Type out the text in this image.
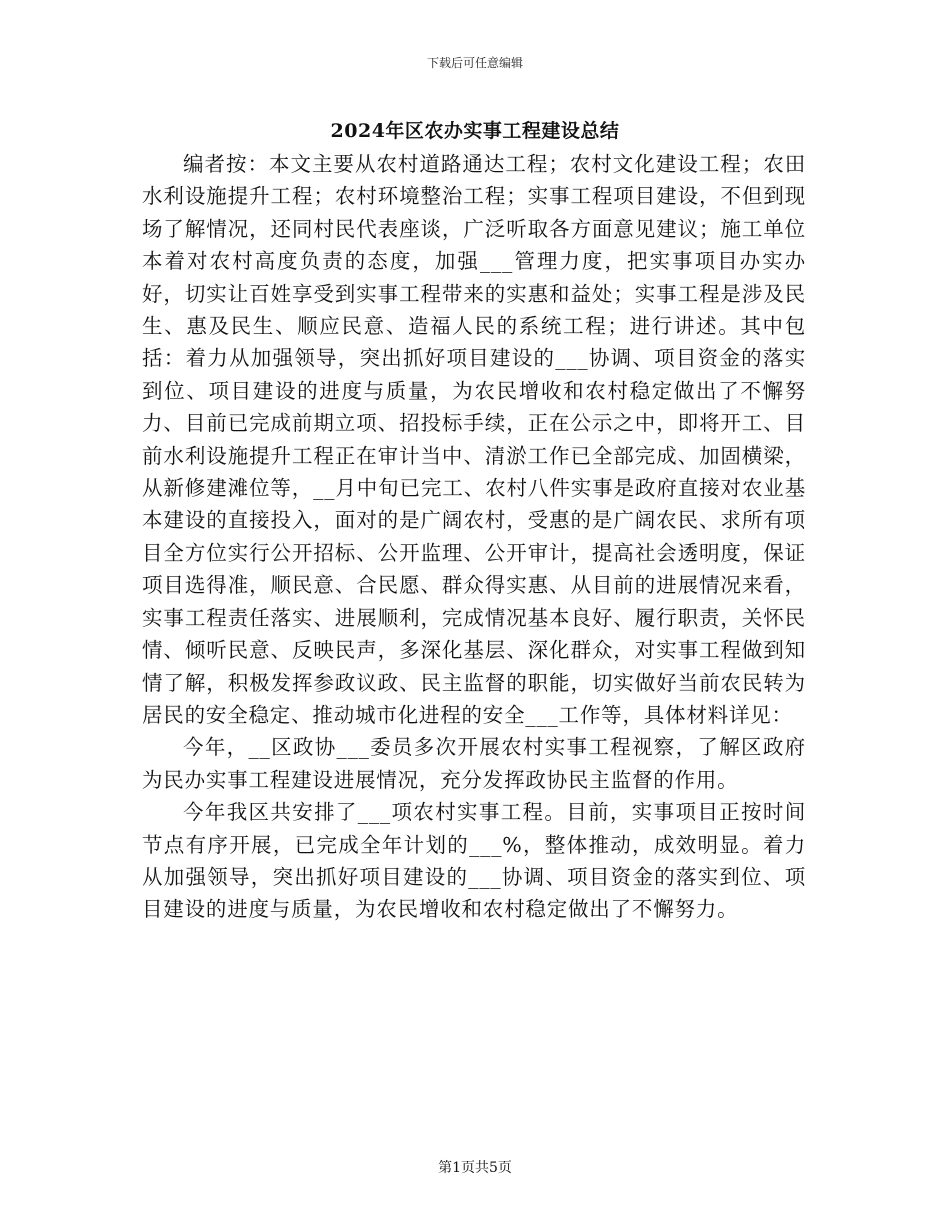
下载后可任意编辑
2024年区农办实事工程建设总结

编者按：本文主要从农村道路通达工程；农村文化建设工程；农田水利设施提升工程；农村环境整治工程；实事工程项目建设，不但到现场了解情况，还同村民代表座谈，广泛听取各方面意见建议；施工单位本着对农村高度负责的态度，加强___管理力度，把实事项目办实办好，切实让百姓享受到实事工程带来的实惠和益处；实事工程是涉及民生、惠及民生、顺应民意、造福人民的系统工程；进行讲述。其中包括：着力从加强领导，突出抓好项目建设的___协调、项目资金的落实到位、项目建设的进度与质量，为农民增收和农村稳定做出了不懈努力、目前已完成前期立项、招投标手续，正在公示之中，即将开工、目前水利设施提升工程正在审计当中、清淤工作已全部完成、加固横梁，从新修建滩位等，__月中旬已完工、农村八件实事是政府直接对农业基本建设的直接投入，面对的是广阔农村，受惠的是广阔农民、求所有项目全方位实行公开招标、公开监理、公开审计，提高社会透明度，保证项目选得准，顺民意、合民愿、群众得实惠、从目前的进展情况来看，实事工程责任落实、进展顺利，完成情况基本良好、履行职责，关怀民情、倾听民意、反映民声，多深化基层、深化群众，对实事工程做到知情了解，积极发挥参政议政、民主监督的职能，切实做好当前农民转为居民的安全稳定、推动城市化进程的安全___工作等，具体材料详见：

今年，__区政协___委员多次开展农村实事工程视察，了解区政府为民办实事工程建设进展情况，充分发挥政协民主监督的作用。

今年我区共安排了___项农村实事工程。目前，实事项目正按时间节点有序开展，已完成全年计划的___%，整体推动，成效明显。着力从加强领导，突出抓好项目建设的___协调、项目资金的落实到位、项目建设的进度与质量，为农民增收和农村稳定做出了不懈努力。

第1页共5页
